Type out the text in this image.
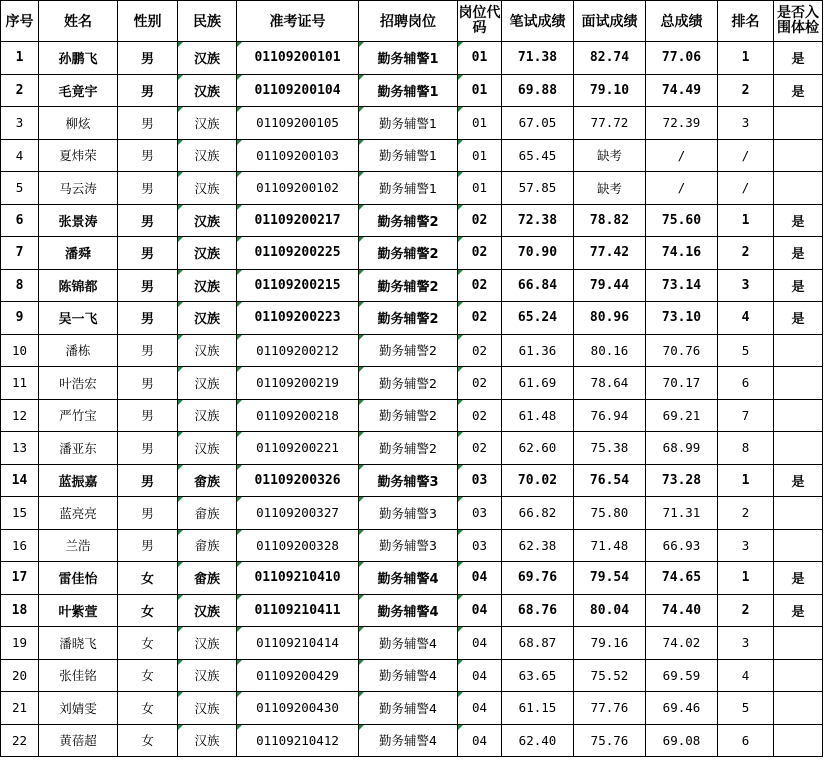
序号	姓名	性别	民族	准考证号	招聘岗位	岗位代码	笔试成绩	面试成绩	总成绩	排名	是否入围体检
1	孙鹏飞	男	汉族	01109200101	勤务辅警1	01	71.38	82.74	77.06	1	是
2	毛竟宇	男	汉族	01109200104	勤务辅警1	01	69.88	79.10	74.49	2	是
3	柳炫	男	汉族	01109200105	勤务辅警1	01	67.05	77.72	72.39	3	
4	夏炜荣	男	汉族	01109200103	勤务辅警1	01	65.45	缺考	/	/	
5	马云涛	男	汉族	01109200102	勤务辅警1	01	57.85	缺考	/	/	
6	张景涛	男	汉族	01109200217	勤务辅警2	02	72.38	78.82	75.60	1	是
7	潘舜	男	汉族	01109200225	勤务辅警2	02	70.90	77.42	74.16	2	是
8	陈锦都	男	汉族	01109200215	勤务辅警2	02	66.84	79.44	73.14	3	是
9	吴一飞	男	汉族	01109200223	勤务辅警2	02	65.24	80.96	73.10	4	是
10	潘栋	男	汉族	01109200212	勤务辅警2	02	61.36	80.16	70.76	5	
11	叶浩宏	男	汉族	01109200219	勤务辅警2	02	61.69	78.64	70.17	6	
12	严竹宝	男	汉族	01109200218	勤务辅警2	02	61.48	76.94	69.21	7	
13	潘亚东	男	汉族	01109200221	勤务辅警2	02	62.60	75.38	68.99	8	
14	蓝振嘉	男	畲族	01109200326	勤务辅警3	03	70.02	76.54	73.28	1	是
15	蓝亮亮	男	畲族	01109200327	勤务辅警3	03	66.82	75.80	71.31	2	
16	兰浩	男	畲族	01109200328	勤务辅警3	03	62.38	71.48	66.93	3	
17	雷佳怡	女	畲族	01109210410	勤务辅警4	04	69.76	79.54	74.65	1	是
18	叶紫萱	女	汉族	01109210411	勤务辅警4	04	68.76	80.04	74.40	2	是
19	潘晓飞	女	汉族	01109210414	勤务辅警4	04	68.87	79.16	74.02	3	
20	张佳铭	女	汉族	01109200429	勤务辅警4	04	63.65	75.52	69.59	4	
21	刘婧雯	女	汉族	01109200430	勤务辅警4	04	61.15	77.76	69.46	5	
22	黄蓓超	女	汉族	01109210412	勤务辅警4	04	62.40	75.76	69.08	6	
